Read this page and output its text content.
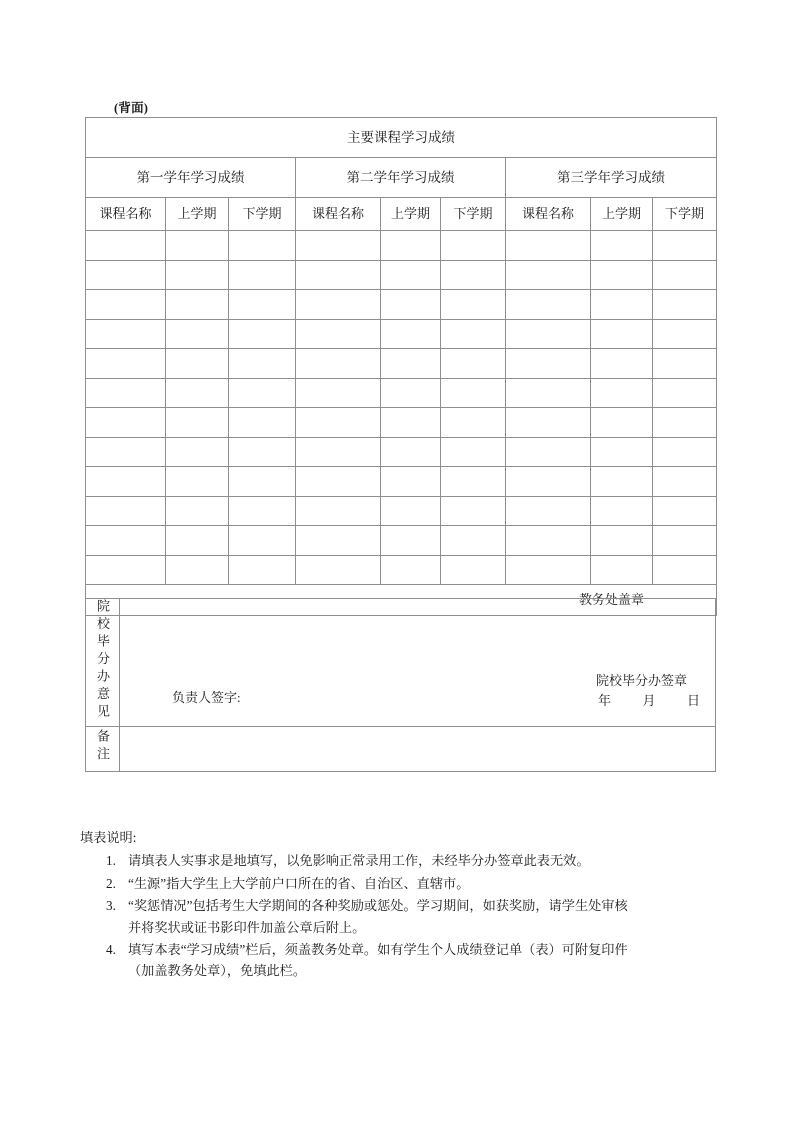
(背面)
主要课程学习成绩								
第一学年学习成绩			第二学年学习成绩			第三学年学习成绩		
课程名称	上学期	下学期	课程名称	上学期	下学期	课程名称	上学期	下学期

教务处盖章								
院校毕分办意见	负责人签字:
院校毕分办签章
年 月 日

备注	

填表说明:

1. 请填表人实事求是地填写，以免影响正常录用工作，未经毕分办签章此表无效。
2. “生源”指大学生上大学前户口所在的省、自治区、直辖市。
3. “奖惩情况”包括考生大学期间的各种奖励或惩处。学习期间，如获奖励，请学生处审核
并将奖状或证书影印件加盖公章后附上。
4. 填写本表“学习成绩”栏后，须盖教务处章。如有学生个人成绩登记单（表）可附复印件
（加盖教务处章），免填此栏。
